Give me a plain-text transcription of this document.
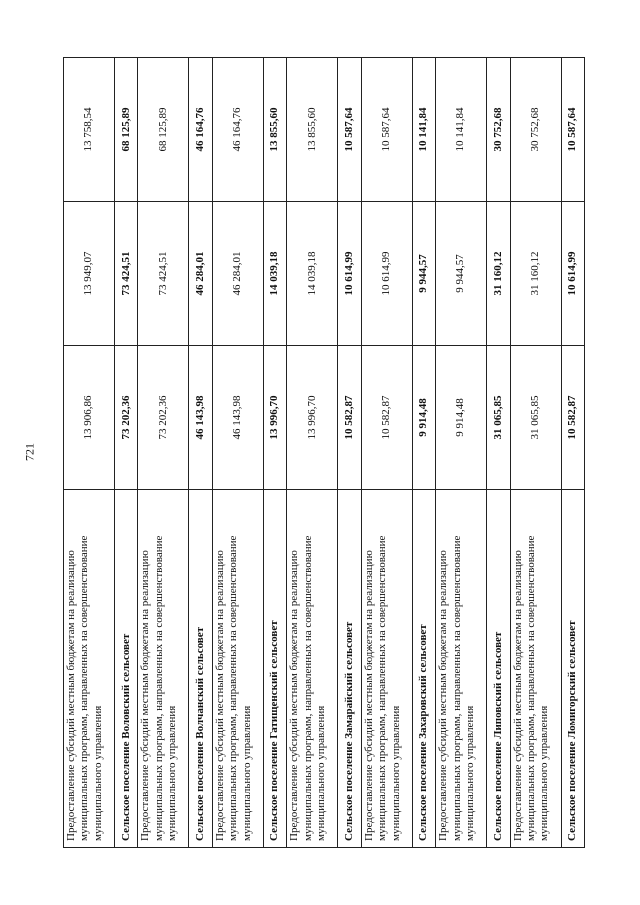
721
Предоставление субсидий местным бюджетам на реализацию муниципальных программ, направленных на совершенствование муниципального управления	13 906,86	13 949,07	13 758,54
Сельское поселение Воловский сельсовет	73 202,36	73 424,51	68 125,89
Предоставление субсидий местным бюджетам на реализацию муниципальных программ, направленных на совершенствование муниципального управления	73 202,36	73 424,51	68 125,89
Сельское поселение Волчанский сельсовет	46 143,98	46 284,01	46 164,76
Предоставление субсидий местным бюджетам на реализацию муниципальных программ, направленных на совершенствование муниципального управления	46 143,98	46 284,01	46 164,76
Сельское поселение Гатищенский сельсовет	13 996,70	14 039,18	13 855,60
Предоставление субсидий местным бюджетам на реализацию муниципальных программ, направленных на совершенствование муниципального управления	13 996,70	14 039,18	13 855,60
Сельское поселение Замарайский сельсовет	10 582,87	10 614,99	10 587,64
Предоставление субсидий местным бюджетам на реализацию муниципальных программ, направленных на совершенствование муниципального управления	10 582,87	10 614,99	10 587,64
Сельское поселение Захаровский сельсовет	9 914,48	9 944,57	10 141,84
Предоставление субсидий местным бюджетам на реализацию муниципальных программ, направленных на совершенствование муниципального управления	9 914,48	9 944,57	10 141,84
Сельское поселение Липовский сельсовет	31 065,85	31 160,12	30 752,68
Предоставление субсидий местным бюджетам на реализацию муниципальных программ, направленных на совершенствование муниципального управления	31 065,85	31 160,12	30 752,68
Сельское поселение Ломигорский сельсовет	10 582,87	10 614,99	10 587,64
